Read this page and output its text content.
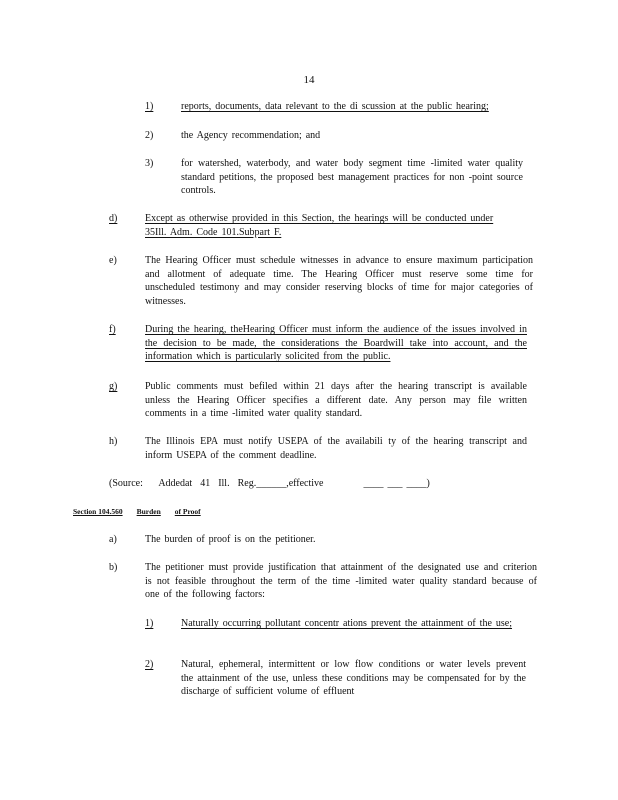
14
1)	reports, documents, data relevant to the di scussion at the public hearing;
2)	the Agency recommendation; and
3)	for watershed, waterbody, and water body segment time -limited water quality standard petitions, the proposed best management practices for non -point source controls.
d)	Except as otherwise provided in this Section, the hearings will be conducted under 35Ill. Adm. Code 101.Subpart F.
e)	The Hearing Officer must schedule witnesses in advance to ensure maximum participation and allotment of adequate time. The Hearing Officer must reserve some time for unscheduled testimony and may consider reserving blocks of time for major categories of witnesses.
f)	During the hearing, theHearing Officer must inform the audience of the issues involved in the decision to be made, the considerations the Boardwill take into account, and the information which is particularly solicited from the public.
g)	Public comments must befiled within 21 days after the hearing transcript is available unless the Hearing Officer specifies a different date. Any person may file written comments in a time -limited water quality standard.
h)	The Illinois EPA must notify USEPA of the availabili ty of the hearing transcript and inform USEPA of the comment deadline.
(Source:    Addedat  41  Ill.  Reg.______,effective          ____ ___ ____)
Section 104.560 Burden of Proof
a)	The burden of proof is on the petitioner.
b)	The petitioner must provide justification that attainment of the designated use and criterion is not feasible throughout the term of the time -limited water quality standard because of one of the following factors:
1)	Naturally occurring pollutant concentr ations prevent the attainment of the use;
2)	Natural, ephemeral, intermittent or low flow conditions or water levels prevent the attainment of the use, unless these conditions may be compensated for by the discharge of sufficient volume of effluent
